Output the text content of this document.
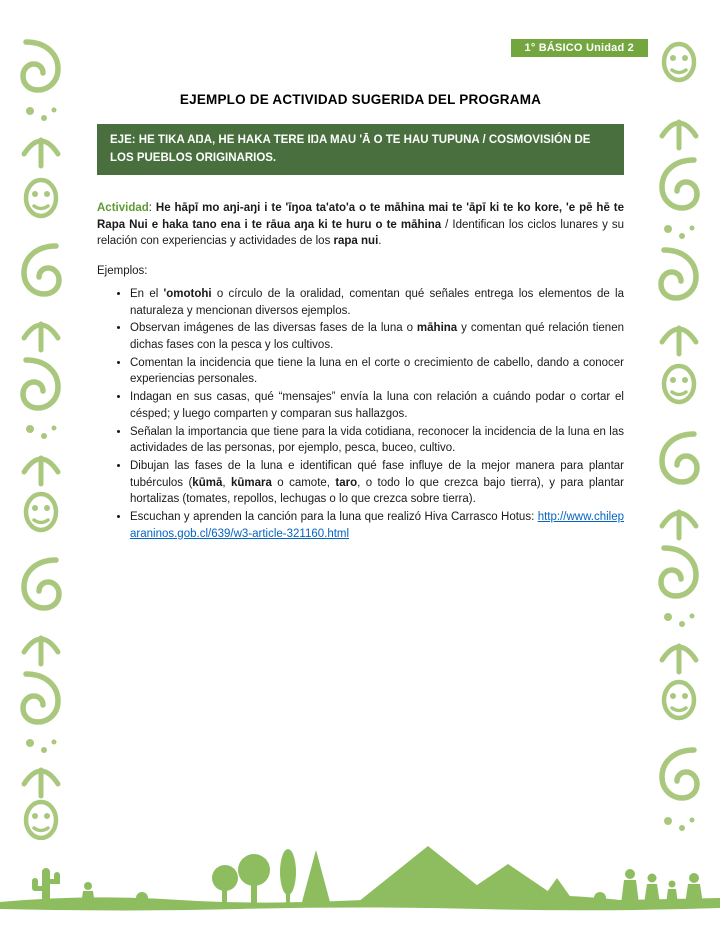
1° BÁSICO Unidad 2
EJEMPLO DE ACTIVIDAD SUGERIDA DEL PROGRAMA
EJE: HE TIKA AŊA, HE HAKA TERE IŊA MAU 'Ā O TE HAU TUPUNA / COSMOVISIÓN DE LOS PUEBLOS ORIGINARIOS.

Actividad: He hāpī mo aŋi-aŋi i te 'īŋoa ta'ato'a o te māhina mai te 'āpī ki te ko kore, 'e pē hē te Rapa Nui e haka tano ena i te rāua aŋa ki te huru o te māhina / Identifican los ciclos lunares y su relación con experiencias y actividades de los rapa nui.

Ejemplos:
• En el 'omotohi o círculo de la oralidad, comentan qué señales entrega los elementos de la naturaleza y mencionan diversos ejemplos.
• Observan imágenes de las diversas fases de la luna o māhina y comentan qué relación tienen dichas fases con la pesca y los cultivos.
• Comentan la incidencia que tiene la luna en el corte o crecimiento de cabello, dando a conocer experiencias personales.
• Indagan en sus casas, qué “mensajes” envía la luna con relación a cuándo podar o cortar el césped; y luego comparten y comparan sus hallazgos.
• Señalan la importancia que tiene para la vida cotidiana, reconocer la incidencia de la luna en las actividades de las personas, por ejemplo, pesca, buceo, cultivo.
• Dibujan las fases de la luna e identifican qué fase influye de la mejor manera para plantar tubérculos (kūmā, kūmara o camote, taro, o todo lo que crezca bajo tierra), y para plantar hortalizas (tomates, repollos, lechugas o lo que crezca sobre tierra).
• Escuchan y aprenden la canción para la luna que realizó Hiva Carrasco Hotus: http://www.chileparaninos.gob.cl/639/w3-article-321160.html
